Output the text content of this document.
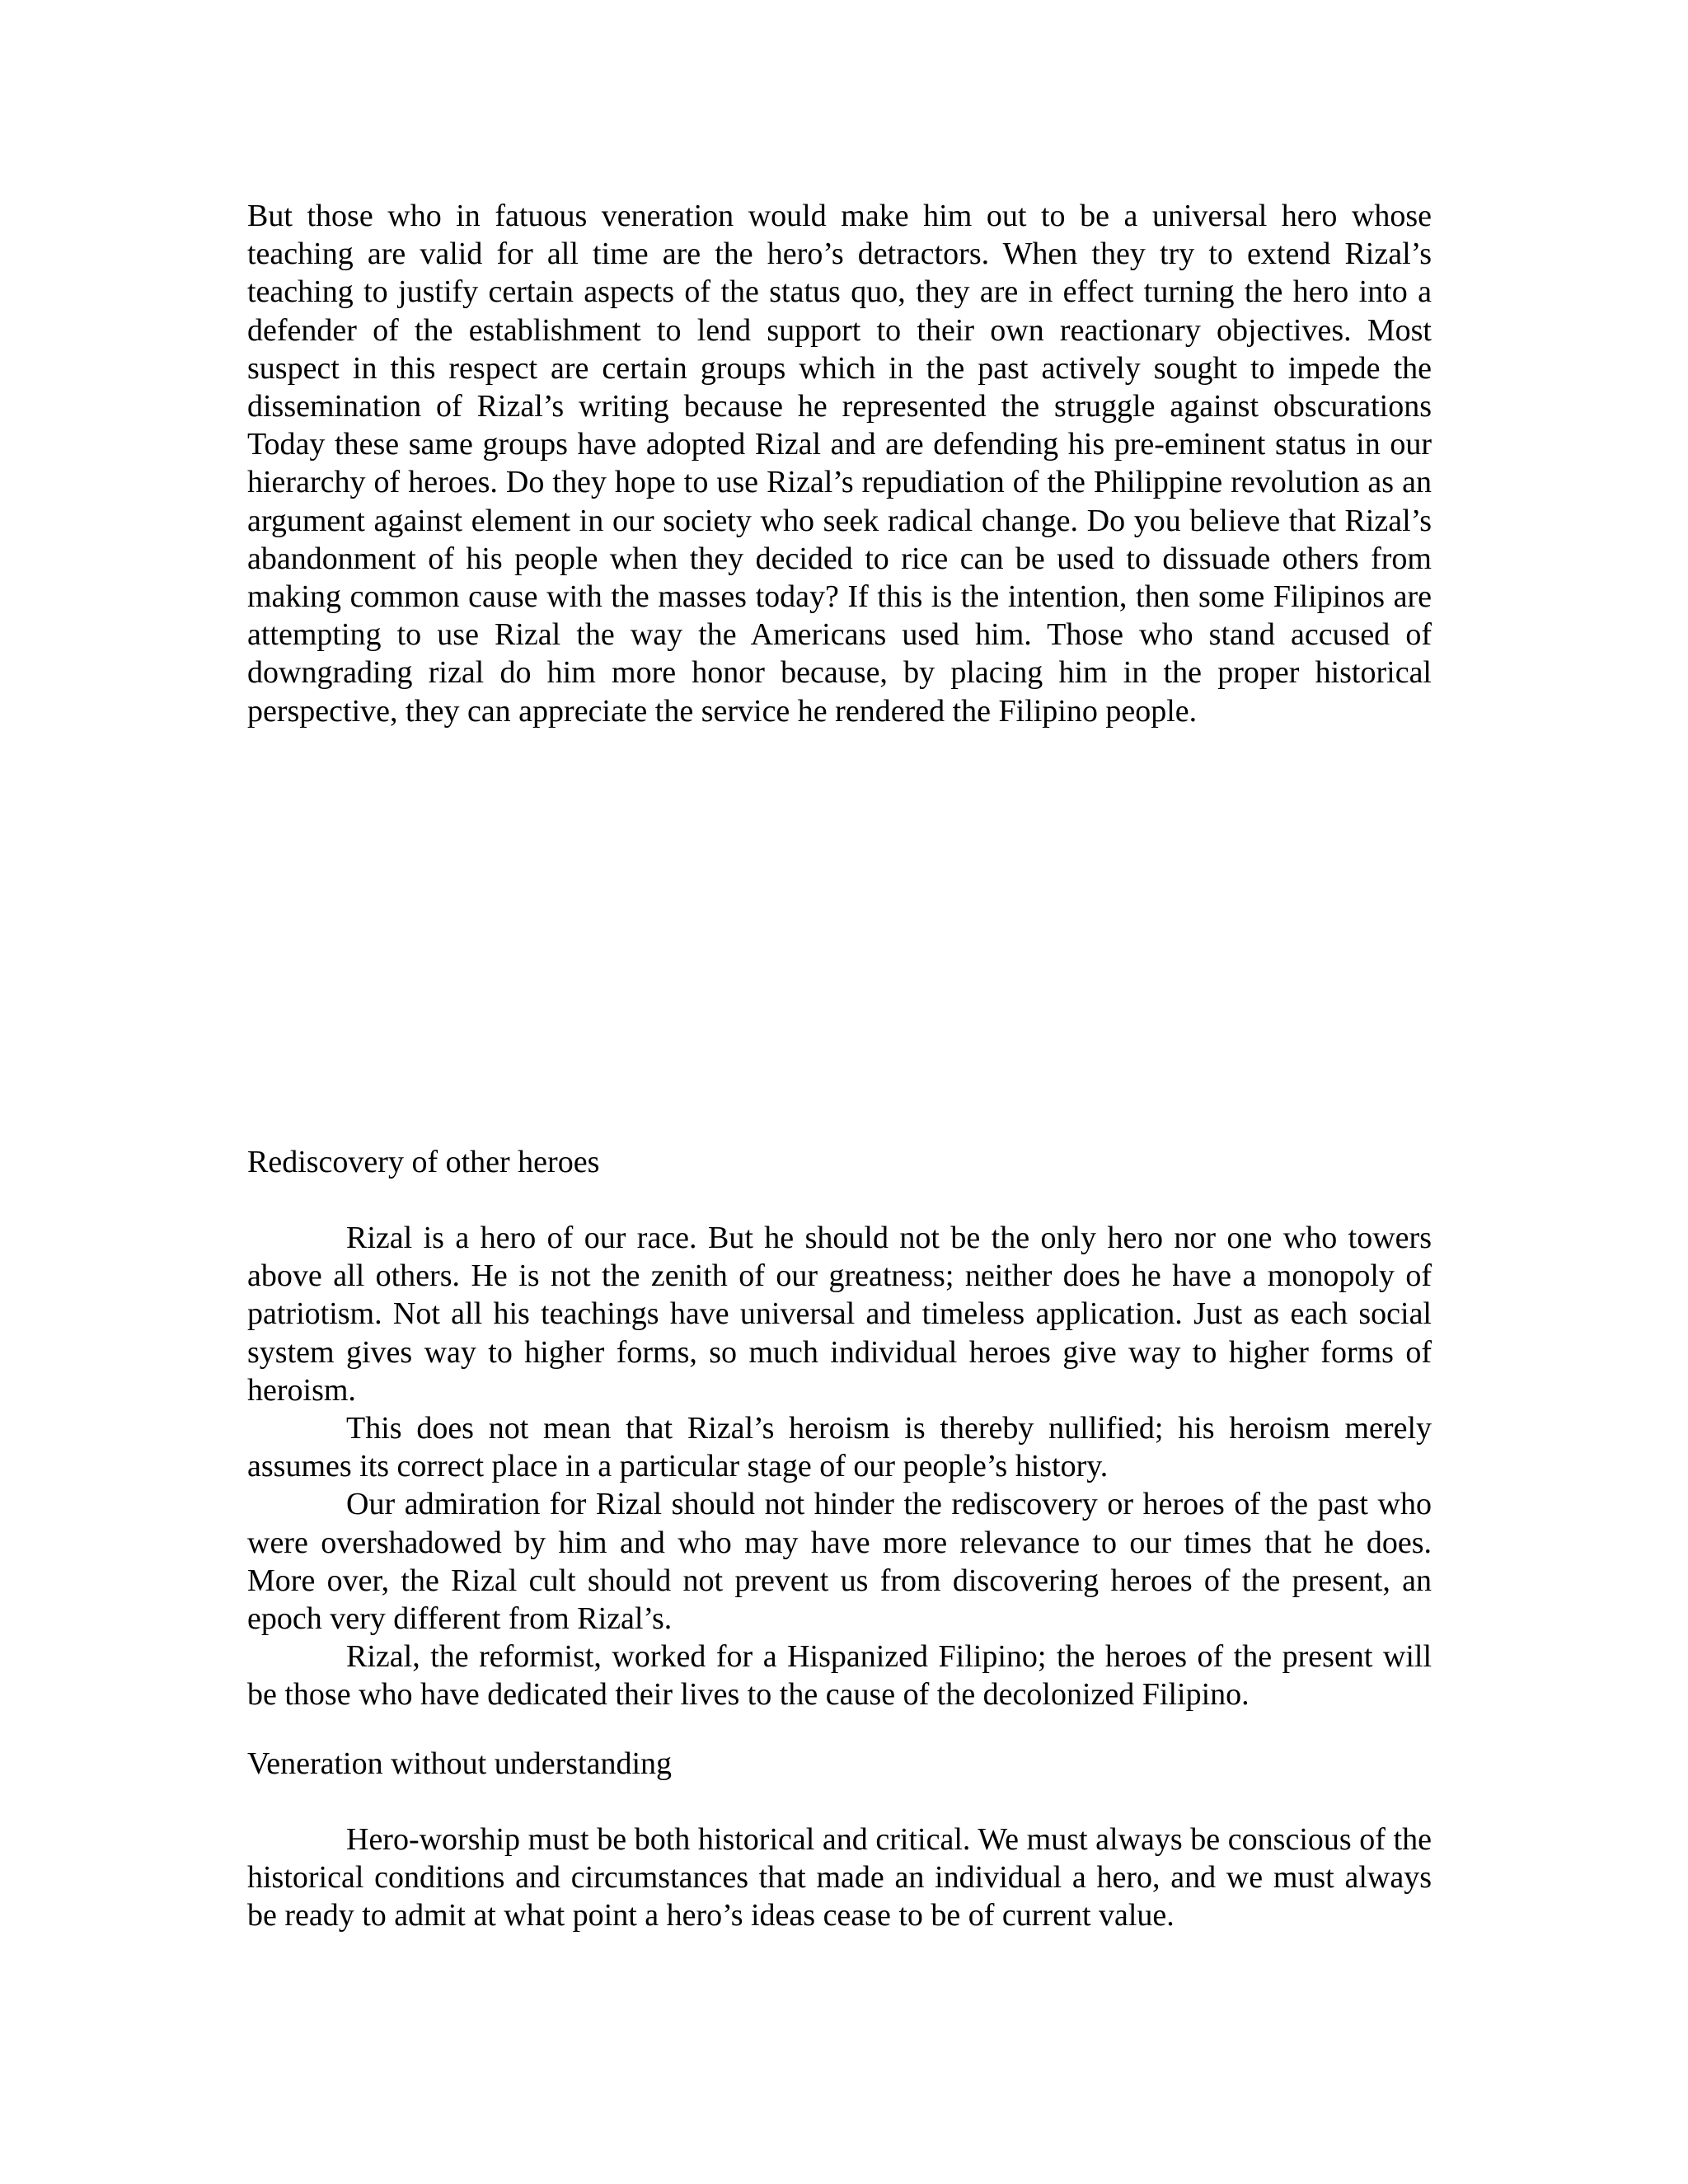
But those who in fatuous veneration would make him out to be a universal hero whose teaching are valid for all time are the hero’s detractors. When they try to extend Rizal’s teaching to justify certain aspects of the status quo, they are in effect turning the hero into a defender of the establishment to lend support to their own reactionary objectives. Most suspect in this respect are certain groups which in the past actively sought to impede the dissemination of Rizal’s writing because he represented the struggle against obscurations Today these same groups have adopted Rizal and are defending his pre-eminent status in our hierarchy of heroes. Do they hope to use Rizal’s repudiation of the Philippine revolution as an argument against element in our society who seek radical change. Do you believe that Rizal’s abandonment of his people when they decided to rice can be used to dissuade others from making common cause with the masses today? If this is the intention, then some Filipinos are attempting to use Rizal the way the Americans used him. Those who stand accused of downgrading rizal do him more honor because, by placing him in the proper historical perspective, they can appreciate the service he rendered the Filipino people.

Rediscovery of other heroes

Rizal is a hero of our race. But he should not be the only hero nor one who towers above all others. He is not the zenith of our greatness; neither does he have a monopoly of patriotism. Not all his teachings have universal and timeless application. Just as each social system gives way to higher forms, so much individual heroes give way to higher forms of heroism.

This does not mean that Rizal’s heroism is thereby nullified; his heroism merely assumes its correct place in a particular stage of our people’s history.

Our admiration for Rizal should not hinder the rediscovery or heroes of the past who were overshadowed by him and who may have more relevance to our times that he does. More over, the Rizal cult should not prevent us from discovering heroes of the present, an epoch very different from Rizal’s.

Rizal, the reformist, worked for a Hispanized Filipino; the heroes of the present will be those who have dedicated their lives to the cause of the decolonized Filipino.

Veneration without understanding

Hero-worship must be both historical and critical. We must always be conscious of the historical conditions and circumstances that made an individual a hero, and we must always be ready to admit at what point a hero’s ideas cease to be of current value.
